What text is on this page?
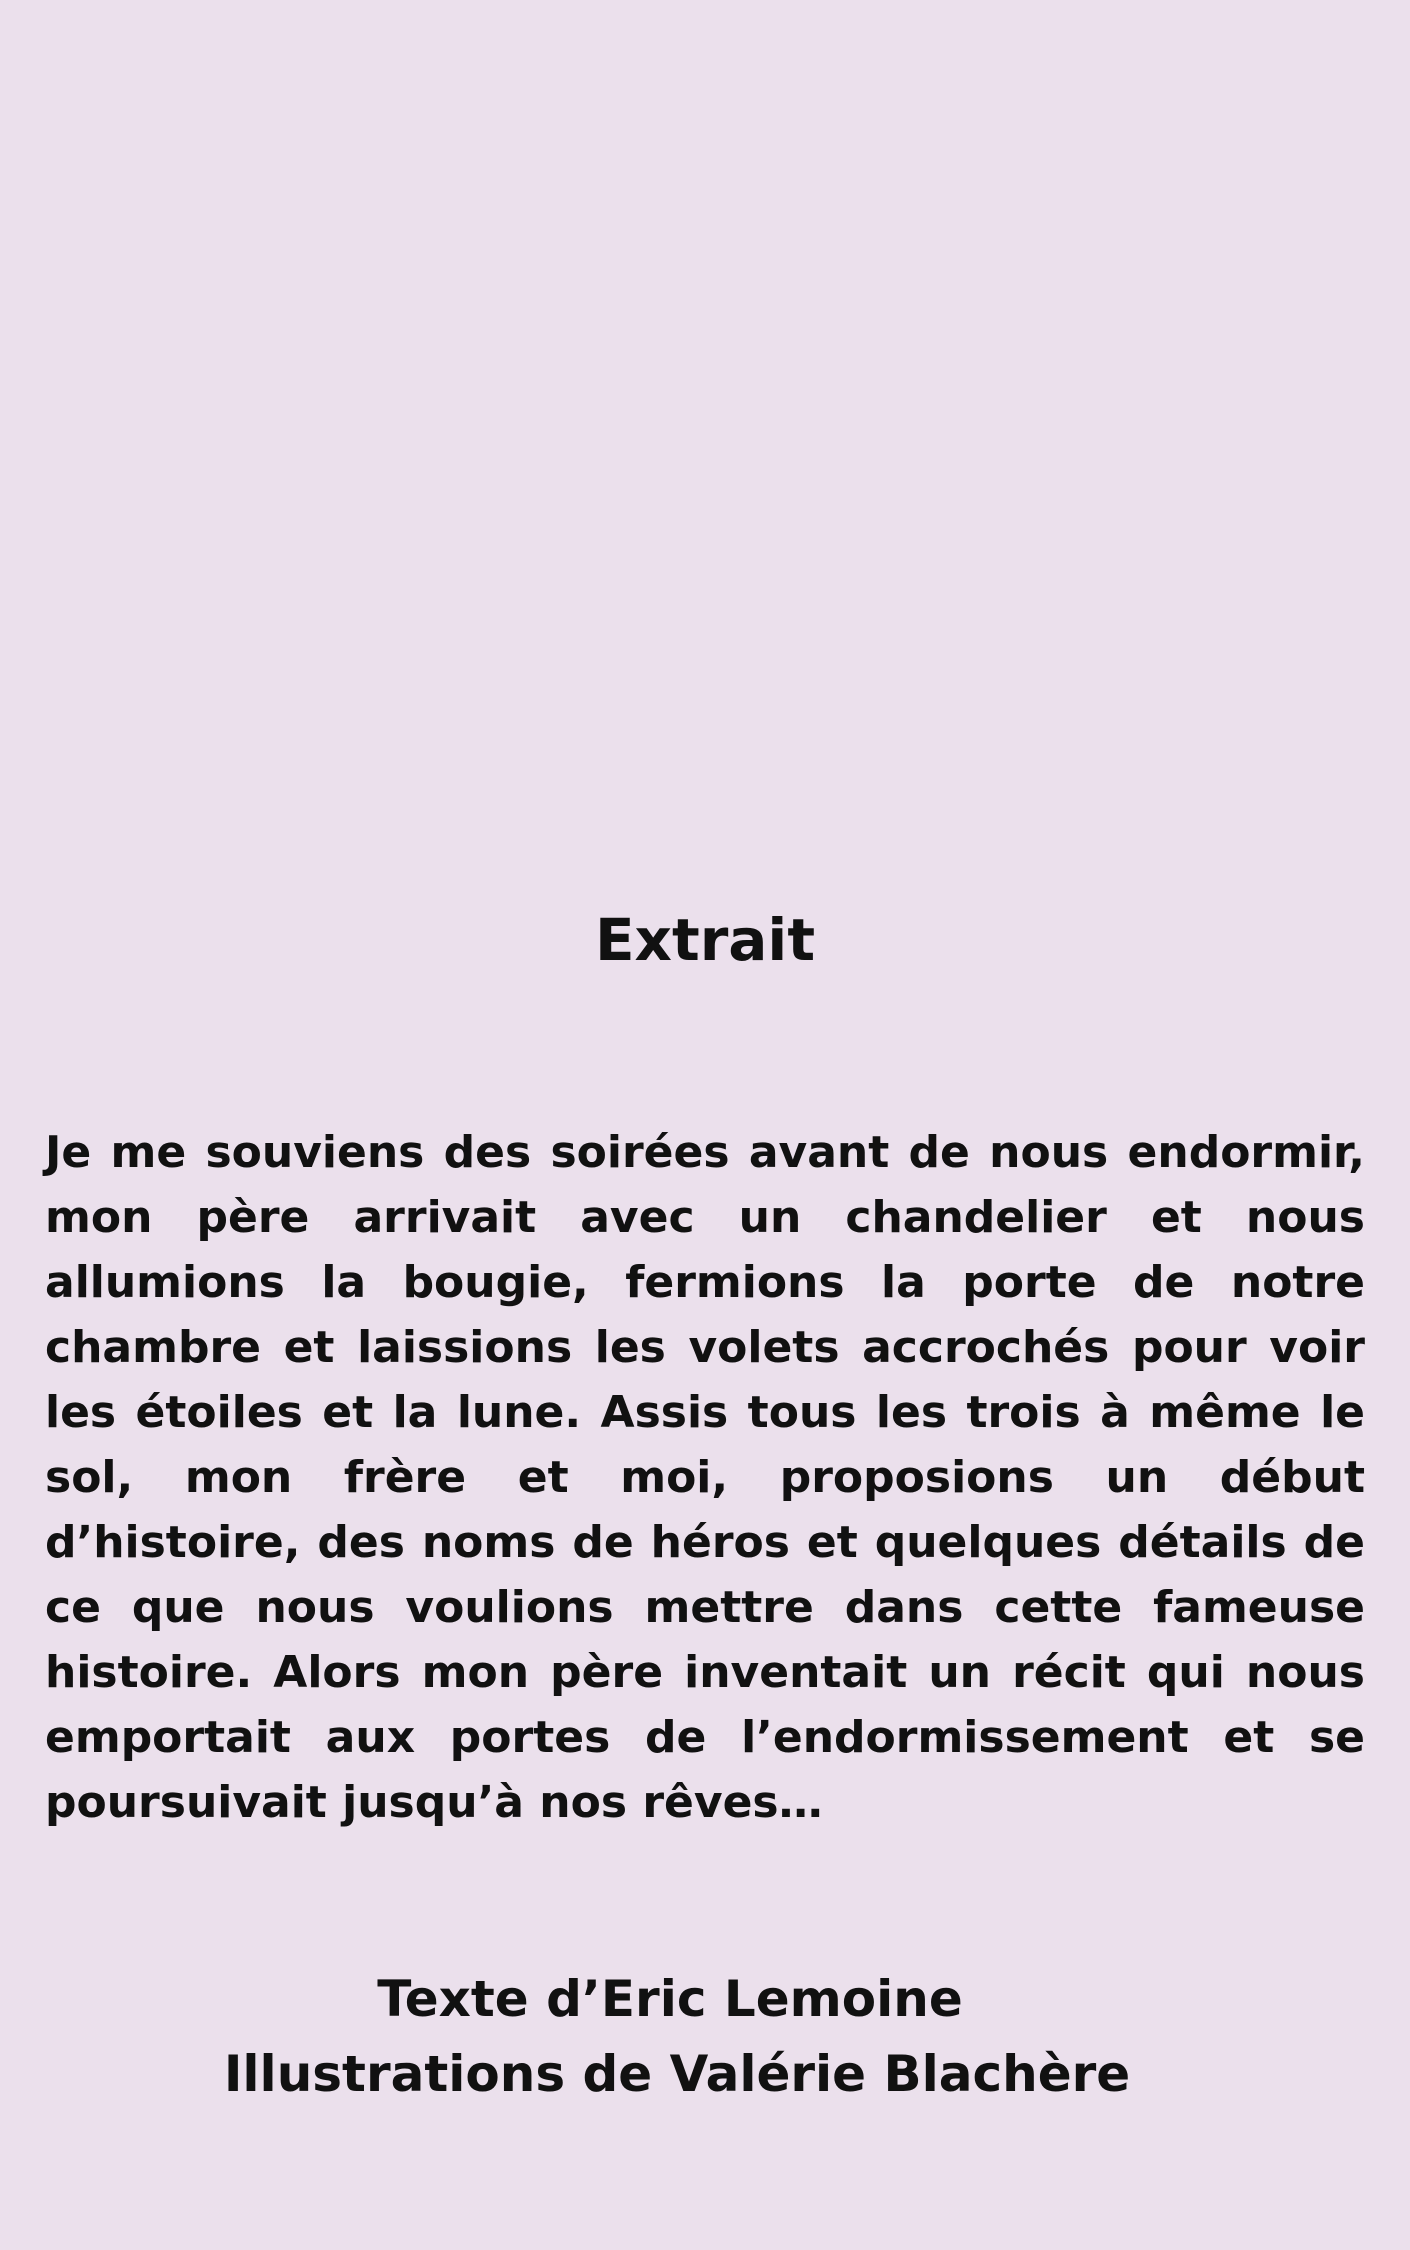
Extrait

Je me souviens des soirées avant de nous endormir, mon père arrivait avec un chandelier et nous allumions la bougie, fermions la porte de notre chambre et laissions les volets accrochés pour voir les étoiles et la lune. Assis tous les trois à même le sol, mon frère et moi, proposions un début d’histoire, des noms de héros et quelques détails de ce que nous voulions mettre dans cette fameuse histoire. Alors mon père inventait un récit qui nous emportait aux portes de l’endormissement et se poursuivait jusqu’à nos rêves…

Texte d’Eric Lemoine
Illustrations de Valérie Blachère
